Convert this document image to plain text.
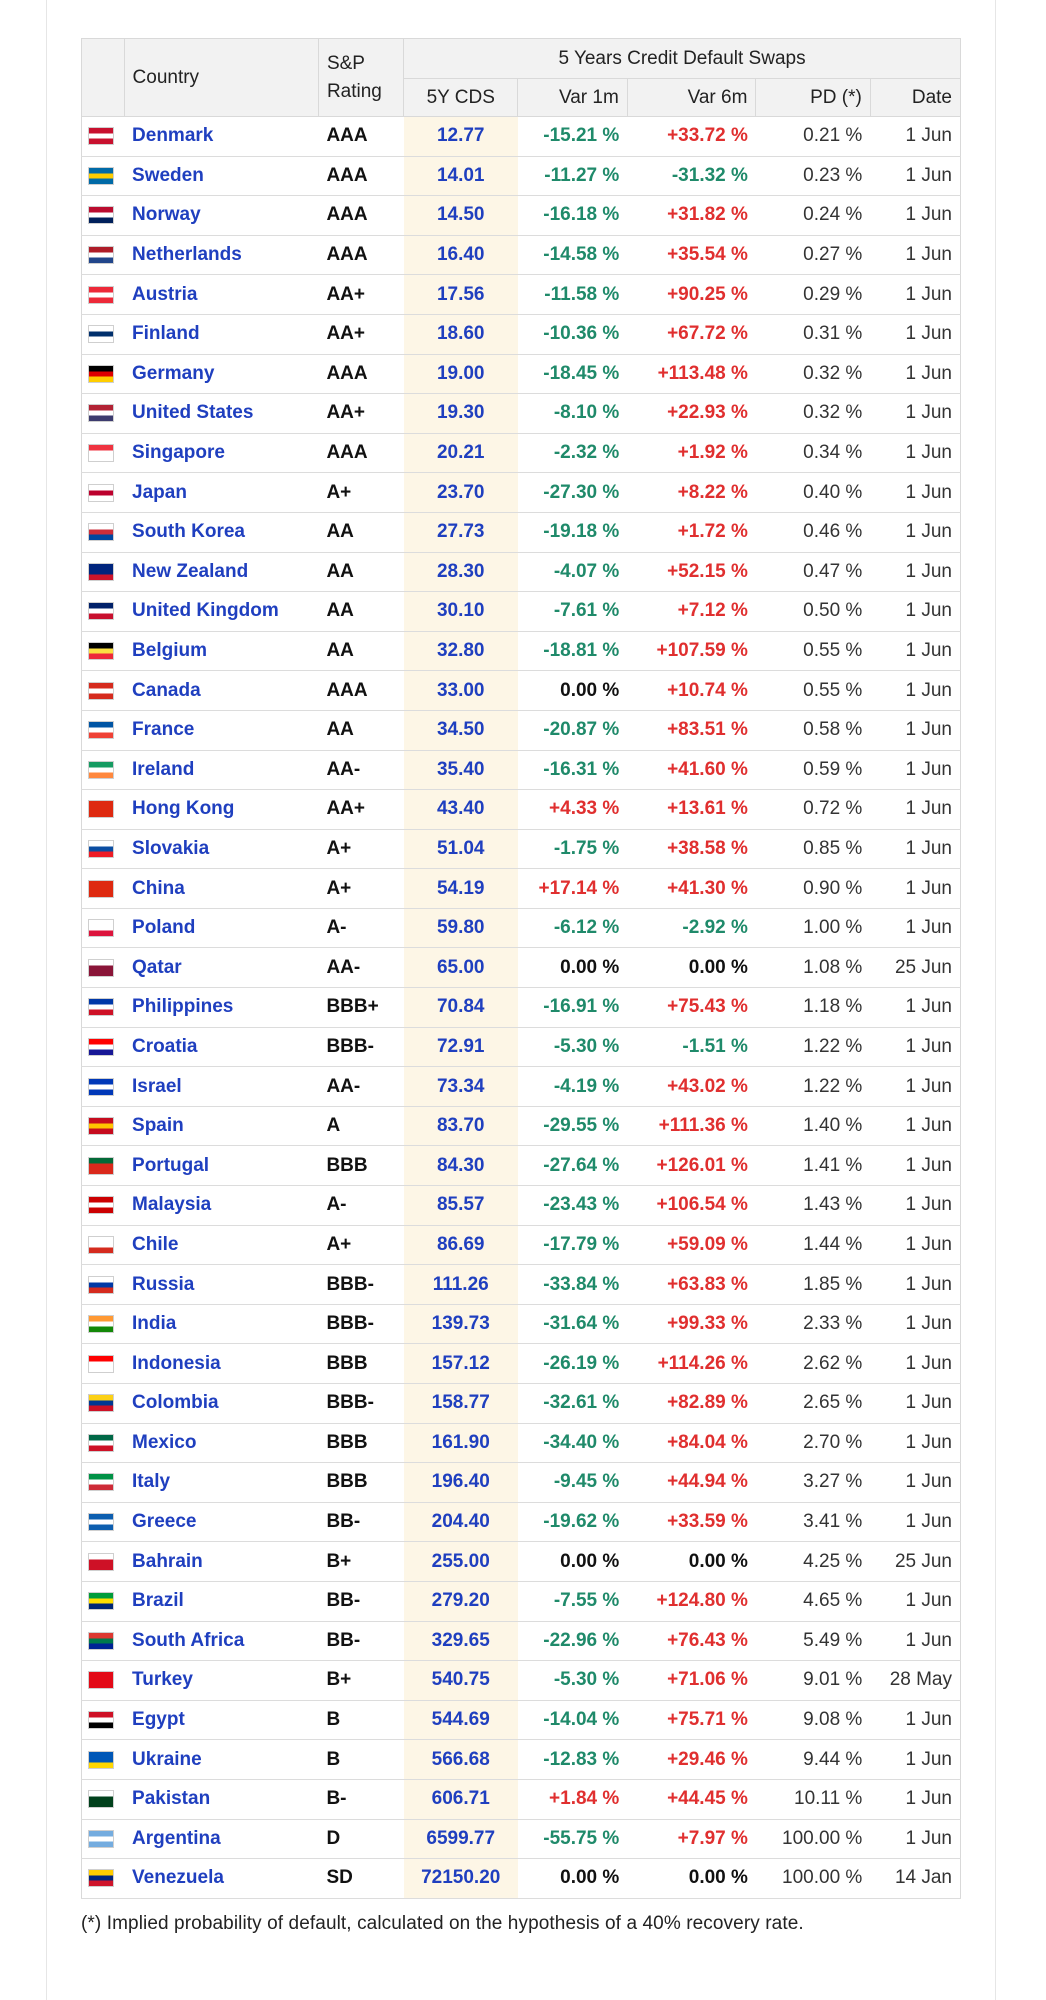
	Country	S&P
Rating	5 Years Credit Default Swaps				
			5Y CDS	Var 1m	Var 6m	PD (*)	Date

	Denmark	AAA	12.77	-15.21 %	+33.72 %	0.21 %	1 Jun

	Sweden	AAA	14.01	-11.27 %	-31.32 %	0.23 %	1 Jun

	Norway	AAA	14.50	-16.18 %	+31.82 %	0.24 %	1 Jun

	Netherlands	AAA	16.40	-14.58 %	+35.54 %	0.27 %	1 Jun

	Austria	AA+	17.56	-11.58 %	+90.25 %	0.29 %	1 Jun

	Finland	AA+	18.60	-10.36 %	+67.72 %	0.31 %	1 Jun

	Germany	AAA	19.00	-18.45 %	+113.48 %	0.32 %	1 Jun

	United States	AA+	19.30	-8.10 %	+22.93 %	0.32 %	1 Jun

	Singapore	AAA	20.21	-2.32 %	+1.92 %	0.34 %	1 Jun

	Japan	A+	23.70	-27.30 %	+8.22 %	0.40 %	1 Jun

	South Korea	AA	27.73	-19.18 %	+1.72 %	0.46 %	1 Jun

	New Zealand	AA	28.30	-4.07 %	+52.15 %	0.47 %	1 Jun

	United Kingdom	AA	30.10	-7.61 %	+7.12 %	0.50 %	1 Jun

	Belgium	AA	32.80	-18.81 %	+107.59 %	0.55 %	1 Jun

	Canada	AAA	33.00	0.00 %	+10.74 %	0.55 %	1 Jun

	France	AA	34.50	-20.87 %	+83.51 %	0.58 %	1 Jun

	Ireland	AA-	35.40	-16.31 %	+41.60 %	0.59 %	1 Jun

	Hong Kong	AA+	43.40	+4.33 %	+13.61 %	0.72 %	1 Jun

	Slovakia	A+	51.04	-1.75 %	+38.58 %	0.85 %	1 Jun

	China	A+	54.19	+17.14 %	+41.30 %	0.90 %	1 Jun

	Poland	A-	59.80	-6.12 %	-2.92 %	1.00 %	1 Jun

	Qatar	AA-	65.00	0.00 %	0.00 %	1.08 %	25 Jun

	Philippines	BBB+	70.84	-16.91 %	+75.43 %	1.18 %	1 Jun

	Croatia	BBB-	72.91	-5.30 %	-1.51 %	1.22 %	1 Jun

	Israel	AA-	73.34	-4.19 %	+43.02 %	1.22 %	1 Jun

	Spain	A	83.70	-29.55 %	+111.36 %	1.40 %	1 Jun

	Portugal	BBB	84.30	-27.64 %	+126.01 %	1.41 %	1 Jun

	Malaysia	A-	85.57	-23.43 %	+106.54 %	1.43 %	1 Jun

	Chile	A+	86.69	-17.79 %	+59.09 %	1.44 %	1 Jun

	Russia	BBB-	111.26	-33.84 %	+63.83 %	1.85 %	1 Jun

	India	BBB-	139.73	-31.64 %	+99.33 %	2.33 %	1 Jun

	Indonesia	BBB	157.12	-26.19 %	+114.26 %	2.62 %	1 Jun

	Colombia	BBB-	158.77	-32.61 %	+82.89 %	2.65 %	1 Jun

	Mexico	BBB	161.90	-34.40 %	+84.04 %	2.70 %	1 Jun

	Italy	BBB	196.40	-9.45 %	+44.94 %	3.27 %	1 Jun

	Greece	BB-	204.40	-19.62 %	+33.59 %	3.41 %	1 Jun

	Bahrain	B+	255.00	0.00 %	0.00 %	4.25 %	25 Jun

	Brazil	BB-	279.20	-7.55 %	+124.80 %	4.65 %	1 Jun

	South Africa	BB-	329.65	-22.96 %	+76.43 %	5.49 %	1 Jun

	Turkey	B+	540.75	-5.30 %	+71.06 %	9.01 %	28 May

	Egypt	B	544.69	-14.04 %	+75.71 %	9.08 %	1 Jun

	Ukraine	B	566.68	-12.83 %	+29.46 %	9.44 %	1 Jun

	Pakistan	B-	606.71	+1.84 %	+44.45 %	10.11 %	1 Jun

	Argentina	D	6599.77	-55.75 %	+7.97 %	100.00 %	1 Jun

	Venezuela	SD	72150.20	0.00 %	0.00 %	100.00 %	14 Jan
(*) Implied probability of default, calculated on the hypothesis of a 40% recovery rate.
